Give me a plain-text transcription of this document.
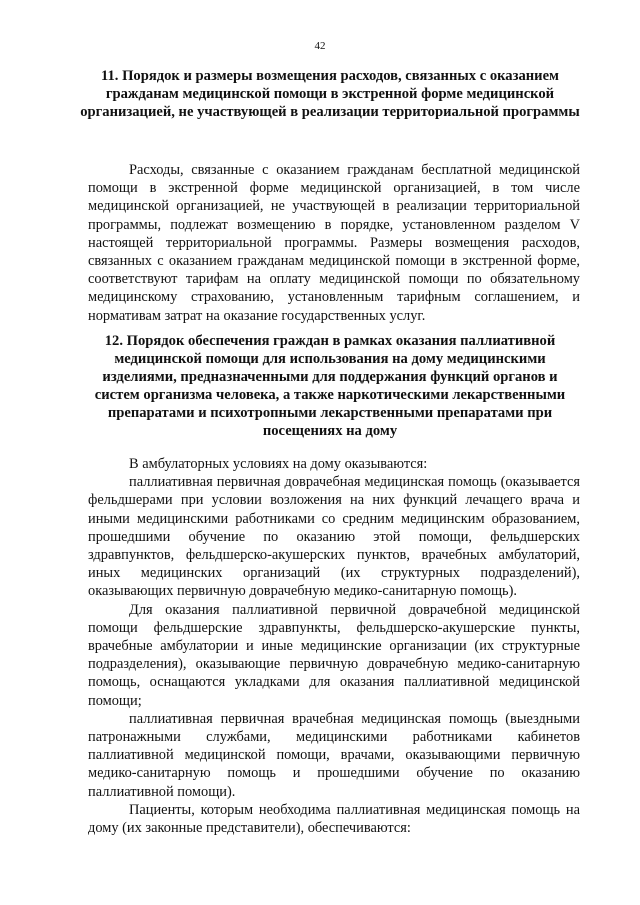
42
11. Порядок и размеры возмещения расходов, связанных с оказанием гражданам медицинской помощи в экстренной форме медицинской организацией, не участвующей в реализации территориальной программы

Расходы, связанные с оказанием гражданам бесплатной медицинской помощи в экстренной форме медицинской организацией, в том числе медицинской организацией, не участвующей в реализации территориальной программы, подлежат возмещению в порядке, установленном разделом V настоящей территориальной программы. Размеры возмещения расходов, связанных с оказанием гражданам медицинской помощи в экстренной форме, соответствуют тарифам на оплату медицинской помощи по обязательному медицинскому страхованию, установленным тарифным соглашением, и нормативам затрат на оказание государственных услуг.

12. Порядок обеспечения граждан в рамках оказания паллиативной медицинской помощи для использования на дому медицинскими изделиями, предназначенными для поддержания функций органов и систем организма человека, а также наркотическими лекарственными препаратами и психотропными лекарственными препаратами при посещениях на дому

В амбулаторных условиях на дому оказываются:

паллиативная первичная доврачебная медицинская помощь (оказывается фельдшерами при условии возложения на них функций лечащего врача и иными медицинскими работниками со средним медицинским образованием, прошедшими обучение по оказанию этой помощи, фельдшерских здравпунктов, фельдшерско-акушерских пунктов, врачебных амбулаторий, иных медицинских организаций (их структурных подразделений), оказывающих первичную доврачебную медико-санитарную помощь).

Для оказания паллиативной первичной доврачебной медицинской помощи фельдшерские здравпункты, фельдшерско-акушерские пункты, врачебные амбулатории и иные медицинские организации (их структурные подразделения), оказывающие первичную доврачебную медико-санитарную помощь, оснащаются укладками для оказания паллиативной медицинской помощи;

паллиативная первичная врачебная медицинская помощь (выездными патронажными службами, медицинскими работниками кабинетов паллиативной медицинской помощи, врачами, оказывающими первичную медико-санитарную помощь и прошедшими обучение по оказанию паллиативной помощи).

Пациенты, которым необходима паллиативная медицинская помощь на дому (их законные представители), обеспечиваются:
